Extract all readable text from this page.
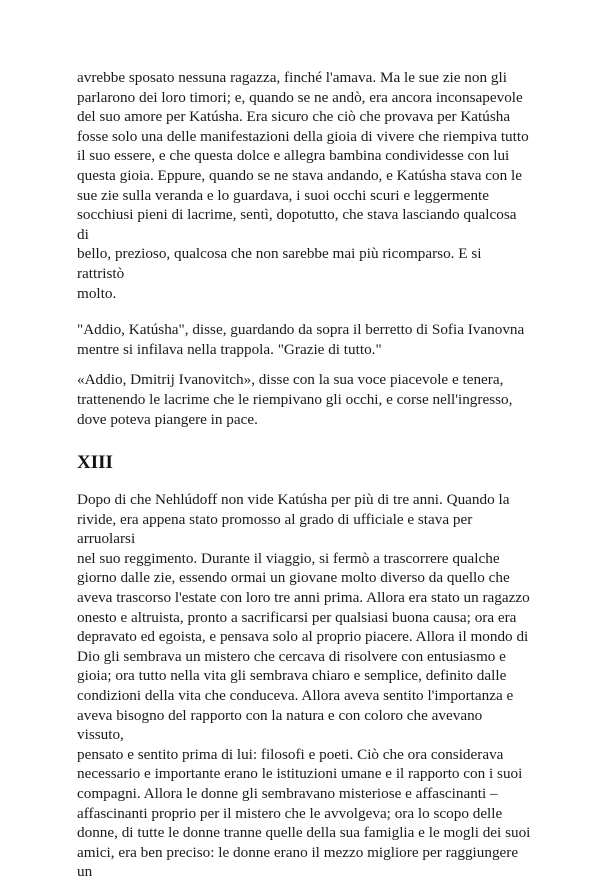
avrebbe sposato nessuna ragazza, finché l'amava. Ma le sue zie non gli
parlarono dei loro timori; e, quando se ne andò, era ancora inconsapevole
del suo amore per Katúsha. Era sicuro che ciò che provava per Katúsha
fosse solo una delle manifestazioni della gioia di vivere che riempiva tutto
il suo essere, e che questa dolce e allegra bambina condividesse con lui
questa gioia. Eppure, quando se ne stava andando, e Katúsha stava con le
sue zie sulla veranda e lo guardava, i suoi occhi scuri e leggermente
socchiusi pieni di lacrime, sentì, dopotutto, che stava lasciando qualcosa di
bello, prezioso, qualcosa che non sarebbe mai più ricomparso. E si rattristò
molto.

"Addio, Katúsha", disse, guardando da sopra il berretto di Sofia Ivanovna
mentre si infilava nella trappola. "Grazie di tutto."

«Addio, Dmitrij Ivanovitch», disse con la sua voce piacevole e tenera,
trattenendo le lacrime che le riempivano gli occhi, e corse nell'ingresso,
dove poteva piangere in pace.

XIII

Dopo di che Nehlúdoff non vide Katúsha per più di tre anni. Quando la
rivide, era appena stato promosso al grado di ufficiale e stava per arruolarsi
nel suo reggimento. Durante il viaggio, si fermò a trascorrere qualche
giorno dalle zie, essendo ormai un giovane molto diverso da quello che
aveva trascorso l'estate con loro tre anni prima. Allora era stato un ragazzo
onesto e altruista, pronto a sacrificarsi per qualsiasi buona causa; ora era
depravato ed egoista, e pensava solo al proprio piacere. Allora il mondo di
Dio gli sembrava un mistero che cercava di risolvere con entusiasmo e
gioia; ora tutto nella vita gli sembrava chiaro e semplice, definito dalle
condizioni della vita che conduceva. Allora aveva sentito l'importanza e
aveva bisogno del rapporto con la natura e con coloro che avevano vissuto,
pensato e sentito prima di lui: filosofi e poeti. Ciò che ora considerava
necessario e importante erano le istituzioni umane e il rapporto con i suoi
compagni. Allora le donne gli sembravano misteriose e affascinanti –
affascinanti proprio per il mistero che le avvolgeva; ora lo scopo delle
donne, di tutte le donne tranne quelle della sua famiglia e le mogli dei suoi
amici, era ben preciso: le donne erano il mezzo migliore per raggiungere un
